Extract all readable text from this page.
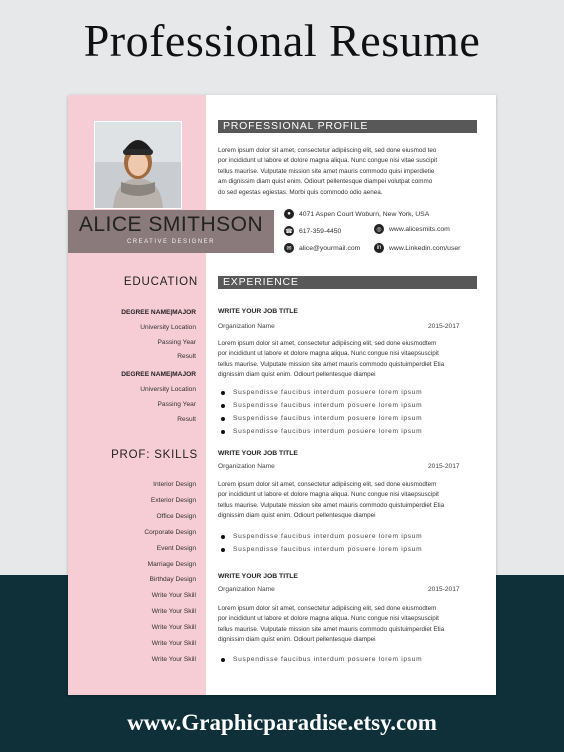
Professional Resume
ALICE SMITHSON
CREATIVE DESIGNER
PROFESSIONAL PROFILE
Lorem ipsum dolor sit amet, consectetur adipiiscing elit, sed done eiusmod teo
por incididunt ut labore et dolore magna aliqua. Nunc congue nisi vitae suscipit
tellus maurise. Vulputate mission site amet mauris commodo quisi imperdietie
am dignissim diam quist enim. Odiourt pellentesque diampei volutpat commo
do sed egestas egiestas. Morbi quis commodo odio aenea.
●	4071 Aspen Court Woburn, New York, USA
☎ 617-359-4450	◎	www.alicesmits.com
✉	alice@yourmail.com	in	www.Linkedin.com/user
EDUCATION
DEGREE NAME|MAJOR
University Location
Passing Year
Result
DEGREE NAME|MAJOR
University Location
Passing Year
Result
PROF: SKILLS
Interior Design
Exterior Design
Office Design
Corporate Design
Event Design
Marriage Design
Birthday Design
Write Your Skill
Write Your Skill
Write Your Skill
Write Your Skill
Write Your Skill
EXPERIENCE
WRITE YOUR JOB TITLE
Organization Name	2015-2017
Lorem ipsum dolor sit amet, consectetur adipiiscing elit, sed done eiusmodtem
por incididunt ut labore et dolore magna aliqua. Nunc congue nisi vitaepsuscipit
tellus maurise. Vulputate mission site amet mauris commodo quistuimperdiet Etia
dignissim diam quist enim. Odiourt pellentesque diampei
Suspendisse faucibus interdum posuere lorem ipsum
Suspendisse faucibus interdum posuere lorem ipsum
Suspendisse faucibus interdum posuere lorem ipsum
Suspendisse faucibus interdum posuere lorem ipsum
WRITE YOUR JOB TITLE
Organization Name	2015-2017
Lorem ipsum dolor sit amet, consectetur adipiiscing elit, sed done eiusmodtem
por incididunt ut labore et dolore magna aliqua. Nunc congue nisi vitaepsuscipit
tellus maurise. Vulputate mission site amet mauris commodo quistuimperdiet Etia
dignissim diam quist enim. Odiourt pellentesque diampei
Suspendisse faucibus interdum posuere lorem ipsum
Suspendisse faucibus interdum posuere lorem ipsum
WRITE YOUR JOB TITLE
Organization Name	2015-2017
Lorem ipsum dolor sit amet, consectetur adipiiscing elit, sed done eiusmodtem
por incididunt ut labore et dolore magna aliqua. Nunc congue nisi vitaepsuscipit
tellus maurise. Vulputate mission site amet mauris commodo quistuimperdiet Etia
dignissim diam quist enim. Odiourt pellentesque diampei
Suspendisse faucibus interdum posuere lorem ipsum
www.Graphicparadise.etsy.com
